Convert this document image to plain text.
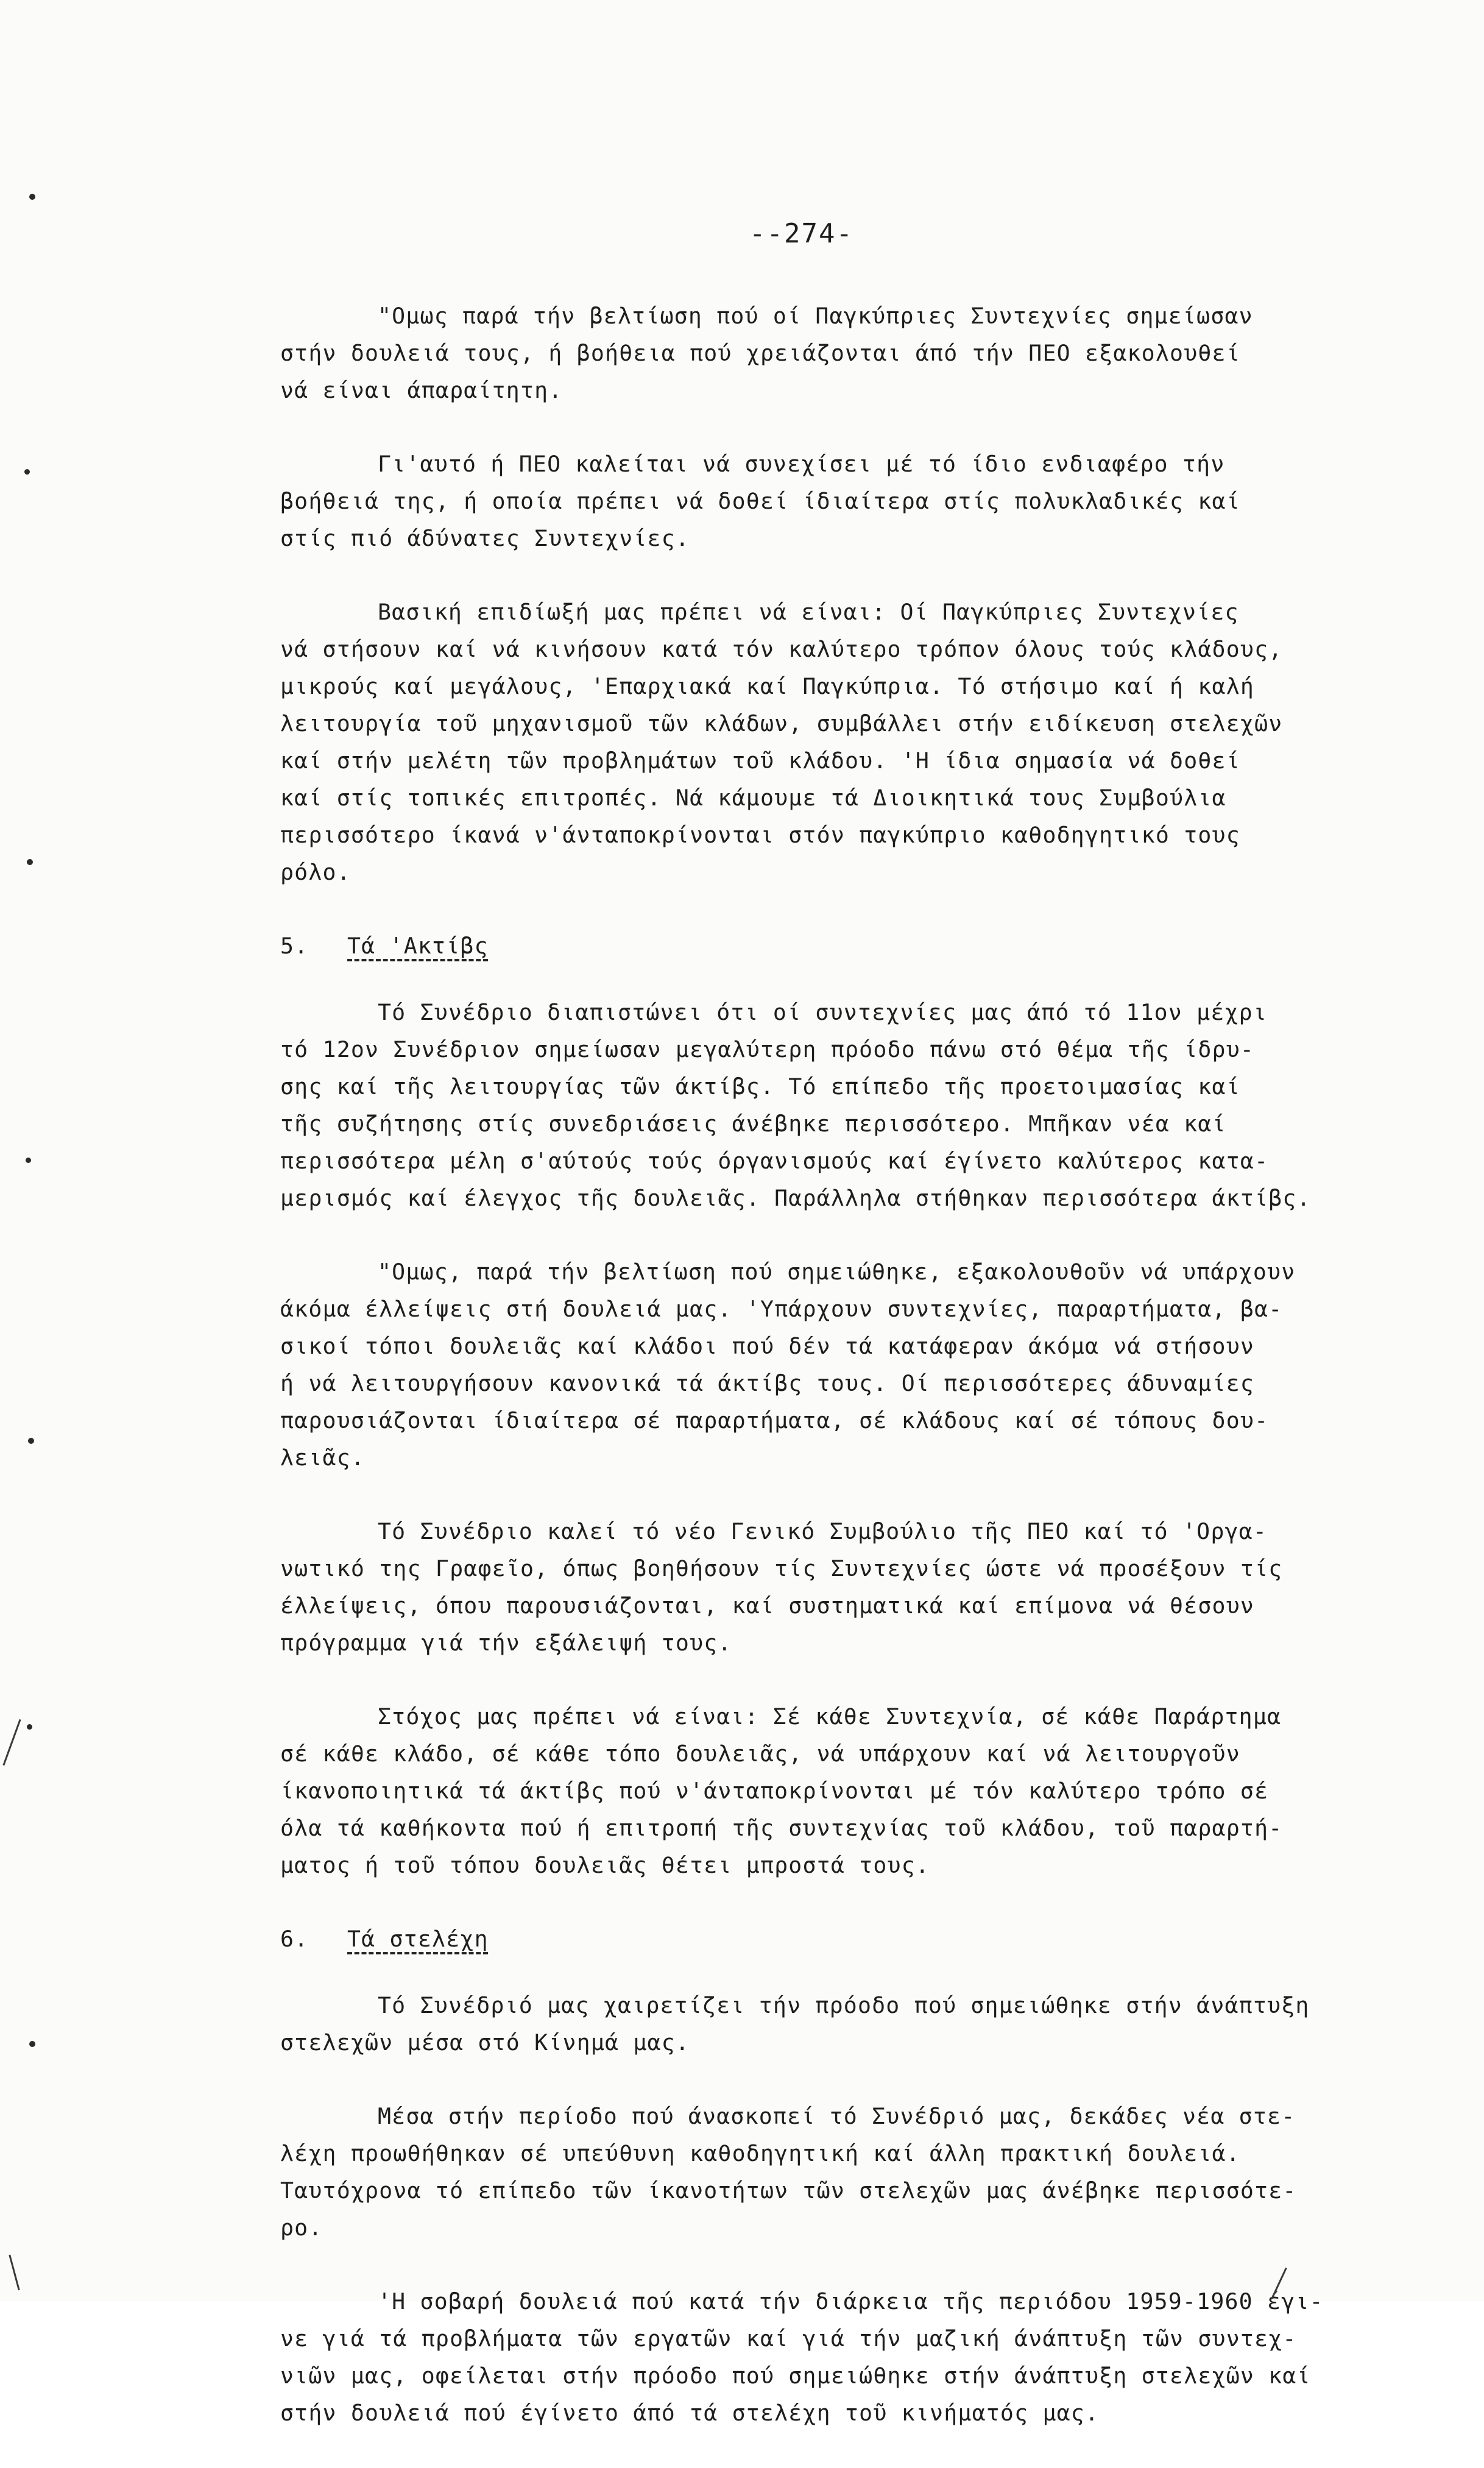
--274-
"Ομως παρά τήν βελτίωση πού οί Παγκύπριες Συντεχνίες σημείωσαν
στήν δουλειά τους, ή βοήθεια πού χρειάζονται άπό τήν ΠΕΟ εξακολουθεί
νά είναι άπαραίτητη.
Γι'αυτό ή ΠΕΟ καλείται νά συνεχίσει μέ τό ίδιο ενδιαφέρο τήν
βοήθειά της, ή οποία πρέπει νά δοθεί ίδιαίτερα στίς πολυκλαδικές καί
στίς πιό άδύνατες Συντεχνίες.
Βασική επιδίωξή μας πρέπει νά είναι: Οί Παγκύπριες Συντεχνίες
νά στήσουν καί νά κινήσουν κατά τόν καλύτερο τρόπον όλους τούς κλάδους,
μικρούς καί μεγάλους, 'Επαρχιακά καί Παγκύπρια. Τό στήσιμο καί ή καλή
λειτουργία τοῦ μηχανισμοῦ τῶν κλάδων, συμβάλλει στήν ειδίκευση στελεχῶν
καί στήν μελέτη τῶν προβλημάτων τοῦ κλάδου. 'Η ίδια σημασία νά δοθεί
καί στίς τοπικές επιτροπές. Νά κάμουμε τά Διοικητικά τους Συμβούλια
περισσότερο ίκανά ν'άνταποκρίνονται στόν παγκύπριο καθοδηγητικό τους
ρόλο.
5. Τά 'Ακτίβς
Τό Συνέδριο διαπιστώνει ότι οί συντεχνίες μας άπό τό 11ον μέχρι
τό 12ον Συνέδριον σημείωσαν μεγαλύτερη πρόοδο πάνω στό θέμα τῆς ίδρυ-
σης καί τῆς λειτουργίας τῶν άκτίβς. Τό επίπεδο τῆς προετοιμασίας καί
τῆς συζήτησης στίς συνεδριάσεις άνέβηκε περισσότερο. Μπῆκαν νέα καί
περισσότερα μέλη σ'αύτούς τούς όργανισμούς καί έγίνετο καλύτερος κατα-
μερισμός καί έλεγχος τῆς δουλειᾶς. Παράλληλα στήθηκαν περισσότερα άκτίβς.
"Ομως, παρά τήν βελτίωση πού σημειώθηκε, εξακολουθοῦν νά υπάρχουν
άκόμα έλλείψεις στή δουλειά μας. 'Υπάρχουν συντεχνίες, παραρτήματα, βα-
σικοί τόποι δουλειᾶς καί κλάδοι πού δέν τά κατάφεραν άκόμα νά στήσουν
ή νά λειτουργήσουν κανονικά τά άκτίβς τους. Οί περισσότερες άδυναμίες
παρουσιάζονται ίδιαίτερα σέ παραρτήματα, σέ κλάδους καί σέ τόπους δου-
λειᾶς.
Τό Συνέδριο καλεί τό νέο Γενικό Συμβούλιο τῆς ΠΕΟ καί τό 'Οργα-
νωτικό της Γραφεῖο, όπως βοηθήσουν τίς Συντεχνίες ώστε νά προσέξουν τίς
έλλείψεις, όπου παρουσιάζονται, καί συστηματικά καί επίμονα νά θέσουν
πρόγραμμα γιά τήν εξάλειψή τους.
Στόχος μας πρέπει νά είναι: Σέ κάθε Συντεχνία, σέ κάθε Παράρτημα
σέ κάθε κλάδο, σέ κάθε τόπο δουλειᾶς, νά υπάρχουν καί νά λειτουργοῦν
ίκανοποιητικά τά άκτίβς πού ν'άνταποκρίνονται μέ τόν καλύτερο τρόπο σέ
όλα τά καθήκοντα πού ή επιτροπή τῆς συντεχνίας τοῦ κλάδου, τοῦ παραρτή-
ματος ή τοῦ τόπου δουλειᾶς θέτει μπροστά τους.
6. Τά στελέχη
Τό Συνέδριό μας χαιρετίζει τήν πρόοδο πού σημειώθηκε στήν άνάπτυξη
στελεχῶν μέσα στό Κίνημά μας.
Μέσα στήν περίοδο πού άνασκοπεί τό Συνέδριό μας, δεκάδες νέα στε-
λέχη προωθήθηκαν σέ υπεύθυνη καθοδηγητική καί άλλη πρακτική δουλειά.
Ταυτόχρονα τό επίπεδο τῶν ίκανοτήτων τῶν στελεχῶν μας άνέβηκε περισσότε-
ρο.
'Η σοβαρή δουλειά πού κατά τήν διάρκεια τῆς περιόδου 1959-1960 έγι-
νε γιά τά προβλήματα τῶν εργατῶν καί γιά τήν μαζική άνάπτυξη τῶν συντεχ-
νιῶν μας, οφείλεται στήν πρόοδο πού σημειώθηκε στήν άνάπτυξη στελεχῶν καί
στήν δουλειά πού έγίνετο άπό τά στελέχη τοῦ κινήματός μας.
